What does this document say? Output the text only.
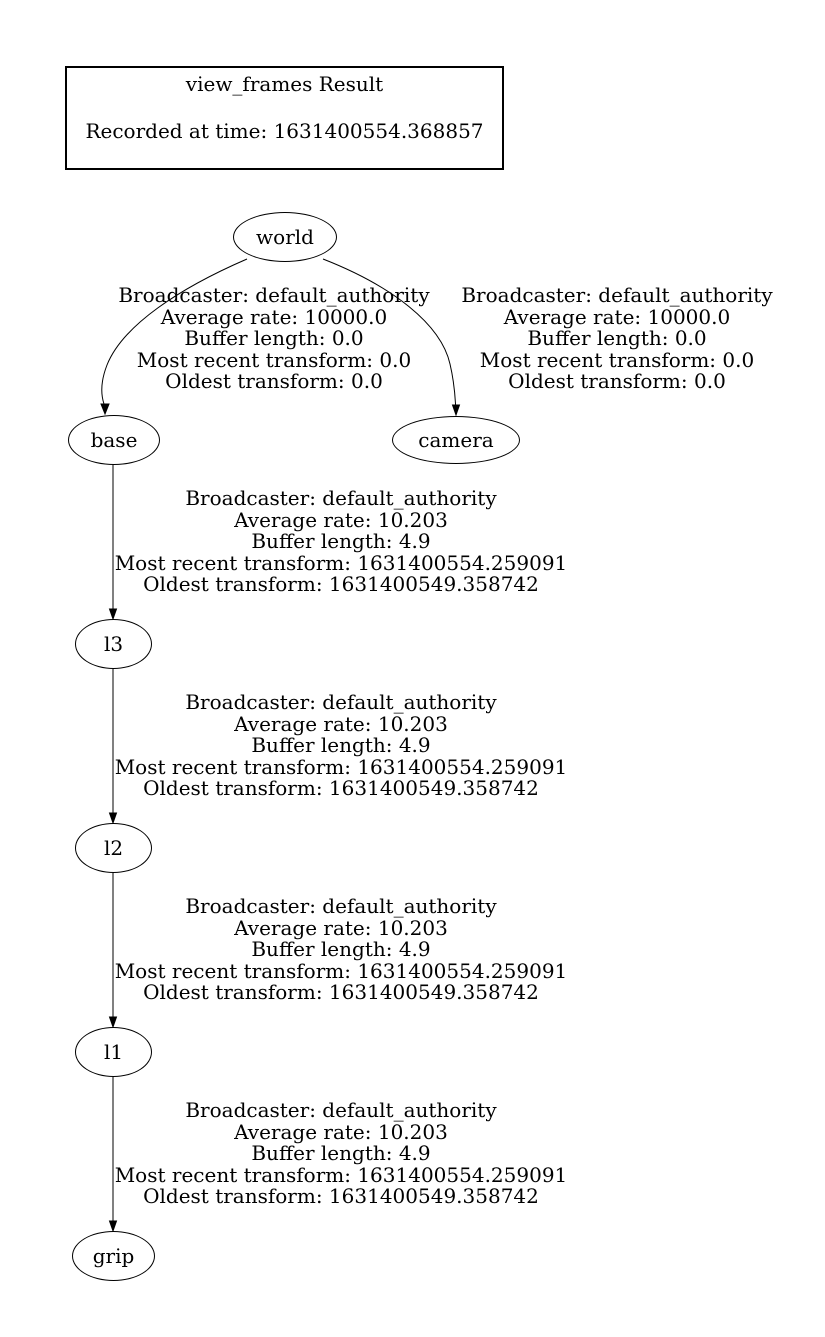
view_frames Result
Recorded at time: 1631400554.368857
world
base	camera
l3
l2
l1
grip
Broadcaster: default_authority
Average rate: 10000.0
Buffer length: 0.0
Most recent transform: 0.0
Oldest transform: 0.0
Broadcaster: default_authority
Average rate: 10000.0
Buffer length: 0.0
Most recent transform: 0.0
Oldest transform: 0.0
Broadcaster: default_authority
Average rate: 10.203
Buffer length: 4.9
Most recent transform: 1631400554.259091
Oldest transform: 1631400549.358742
Broadcaster: default_authority
Average rate: 10.203
Buffer length: 4.9
Most recent transform: 1631400554.259091
Oldest transform: 1631400549.358742
Broadcaster: default_authority
Average rate: 10.203
Buffer length: 4.9
Most recent transform: 1631400554.259091
Oldest transform: 1631400549.358742
Broadcaster: default_authority
Average rate: 10.203
Buffer length: 4.9
Most recent transform: 1631400554.259091
Oldest transform: 1631400549.358742
